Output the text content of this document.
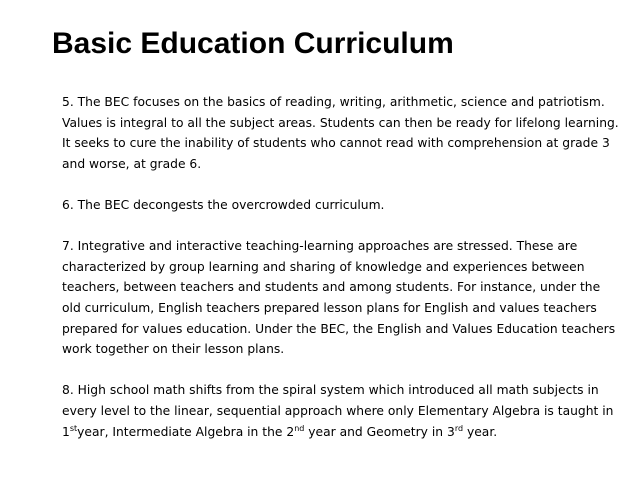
Basic Education Curriculum

5. The BEC focuses on the basics of reading, writing, arithmetic, science and patriotism. Values is integral to all the subject areas. Students can then be ready for lifelong learning. It seeks to cure the inability of students who cannot read with comprehension at grade 3 and worse, at grade 6.

6. The BEC decongests the overcrowded curriculum.

7. Integrative and interactive teaching-learning approaches are stressed. These are characterized by group learning and sharing of knowledge and experiences between teachers, between teachers and students and among students. For instance, under the old curriculum, English teachers prepared lesson plans for English and values teachers prepared for values education. Under the BEC, the English and Values Education teachers work together on their lesson plans.

8. High school math shifts from the spiral system which introduced all math subjects in every level to the linear, sequential approach where only Elementary Algebra is taught in 1styear, Intermediate Algebra in the 2nd year and Geometry in 3rd year.
